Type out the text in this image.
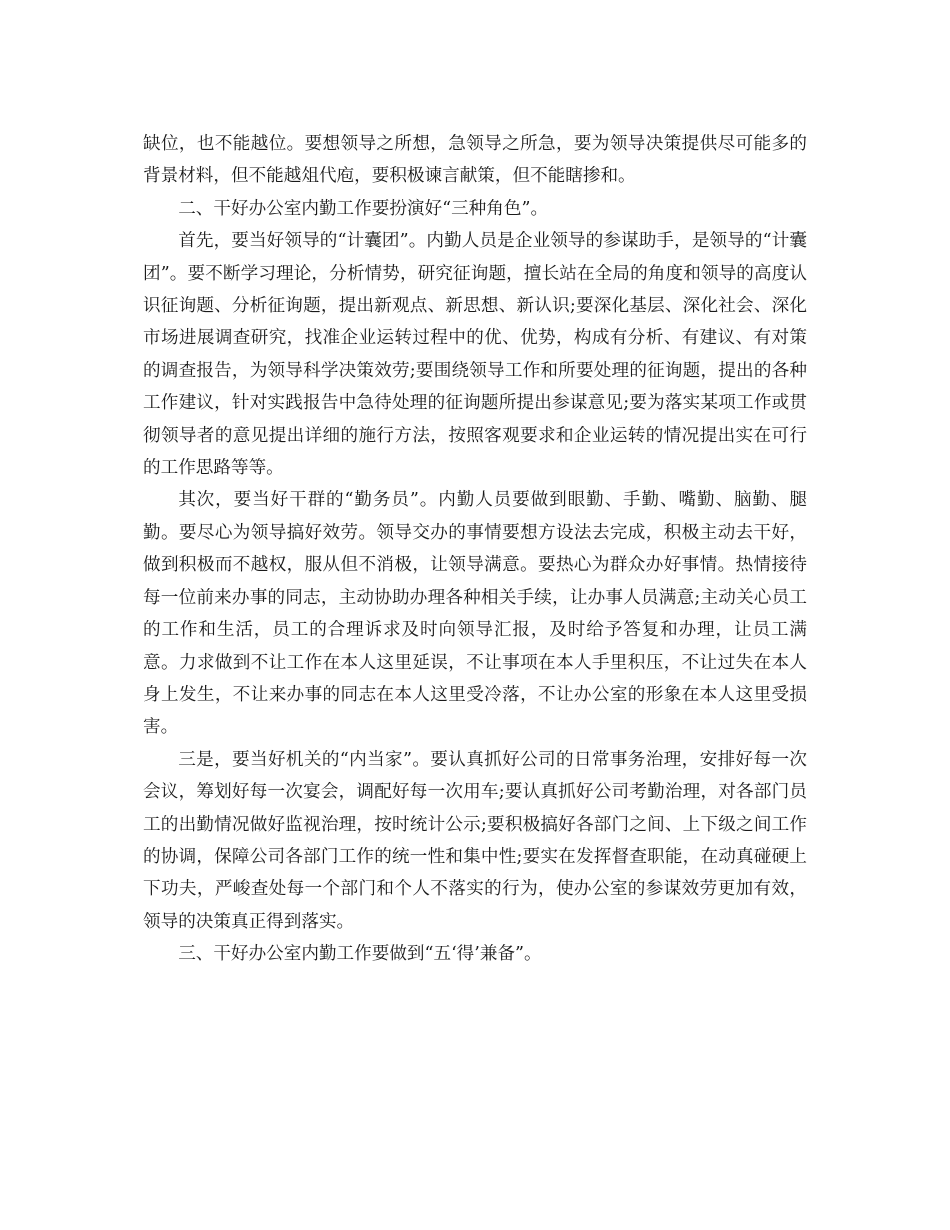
缺位，也不能越位。要想领导之所想，急领导之所急，要为领导决策提供尽可能多的背景材料，但不能越俎代庖，要积极谏言献策，但不能瞎掺和。

二、干好办公室内勤工作要扮演好“三种角色”。

首先，要当好领导的“计囊团”。内勤人员是企业领导的参谋助手，是领导的“计囊团”。要不断学习理论，分析情势，研究征询题，擅长站在全局的角度和领导的高度认识征询题、分析征询题，提出新观点、新思想、新认识;要深化基层、深化社会、深化市场进展调查研究，找准企业运转过程中的优、优势，构成有分析、有建议、有对策的调查报告，为领导科学决策效劳;要围绕领导工作和所要处理的征询题，提出的各种工作建议，针对实践报告中急待处理的征询题所提出参谋意见;要为落实某项工作或贯彻领导者的意见提出详细的施行方法，按照客观要求和企业运转的情况提出实在可行的工作思路等等。

其次，要当好干群的“勤务员”。内勤人员要做到眼勤、手勤、嘴勤、脑勤、腿勤。要尽心为领导搞好效劳。领导交办的事情要想方设法去完成，积极主动去干好，做到积极而不越权，服从但不消极，让领导满意。要热心为群众办好事情。热情接待每一位前来办事的同志，主动协助办理各种相关手续，让办事人员满意;主动关心员工的工作和生活，员工的合理诉求及时向领导汇报，及时给予答复和办理，让员工满意。力求做到不让工作在本人这里延误，不让事项在本人手里积压，不让过失在本人身上发生，不让来办事的同志在本人这里受冷落，不让办公室的形象在本人这里受损害。

三是，要当好机关的“内当家”。要认真抓好公司的日常事务治理，安排好每一次会议，筹划好每一次宴会，调配好每一次用车;要认真抓好公司考勤治理，对各部门员工的出勤情况做好监视治理，按时统计公示;要积极搞好各部门之间、上下级之间工作的协调，保障公司各部门工作的统一性和集中性;要实在发挥督查职能，在动真碰硬上下功夫，严峻查处每一个部门和个人不落实的行为，使办公室的参谋效劳更加有效，领导的决策真正得到落实。

三、干好办公室内勤工作要做到“五‘得’兼备”。
